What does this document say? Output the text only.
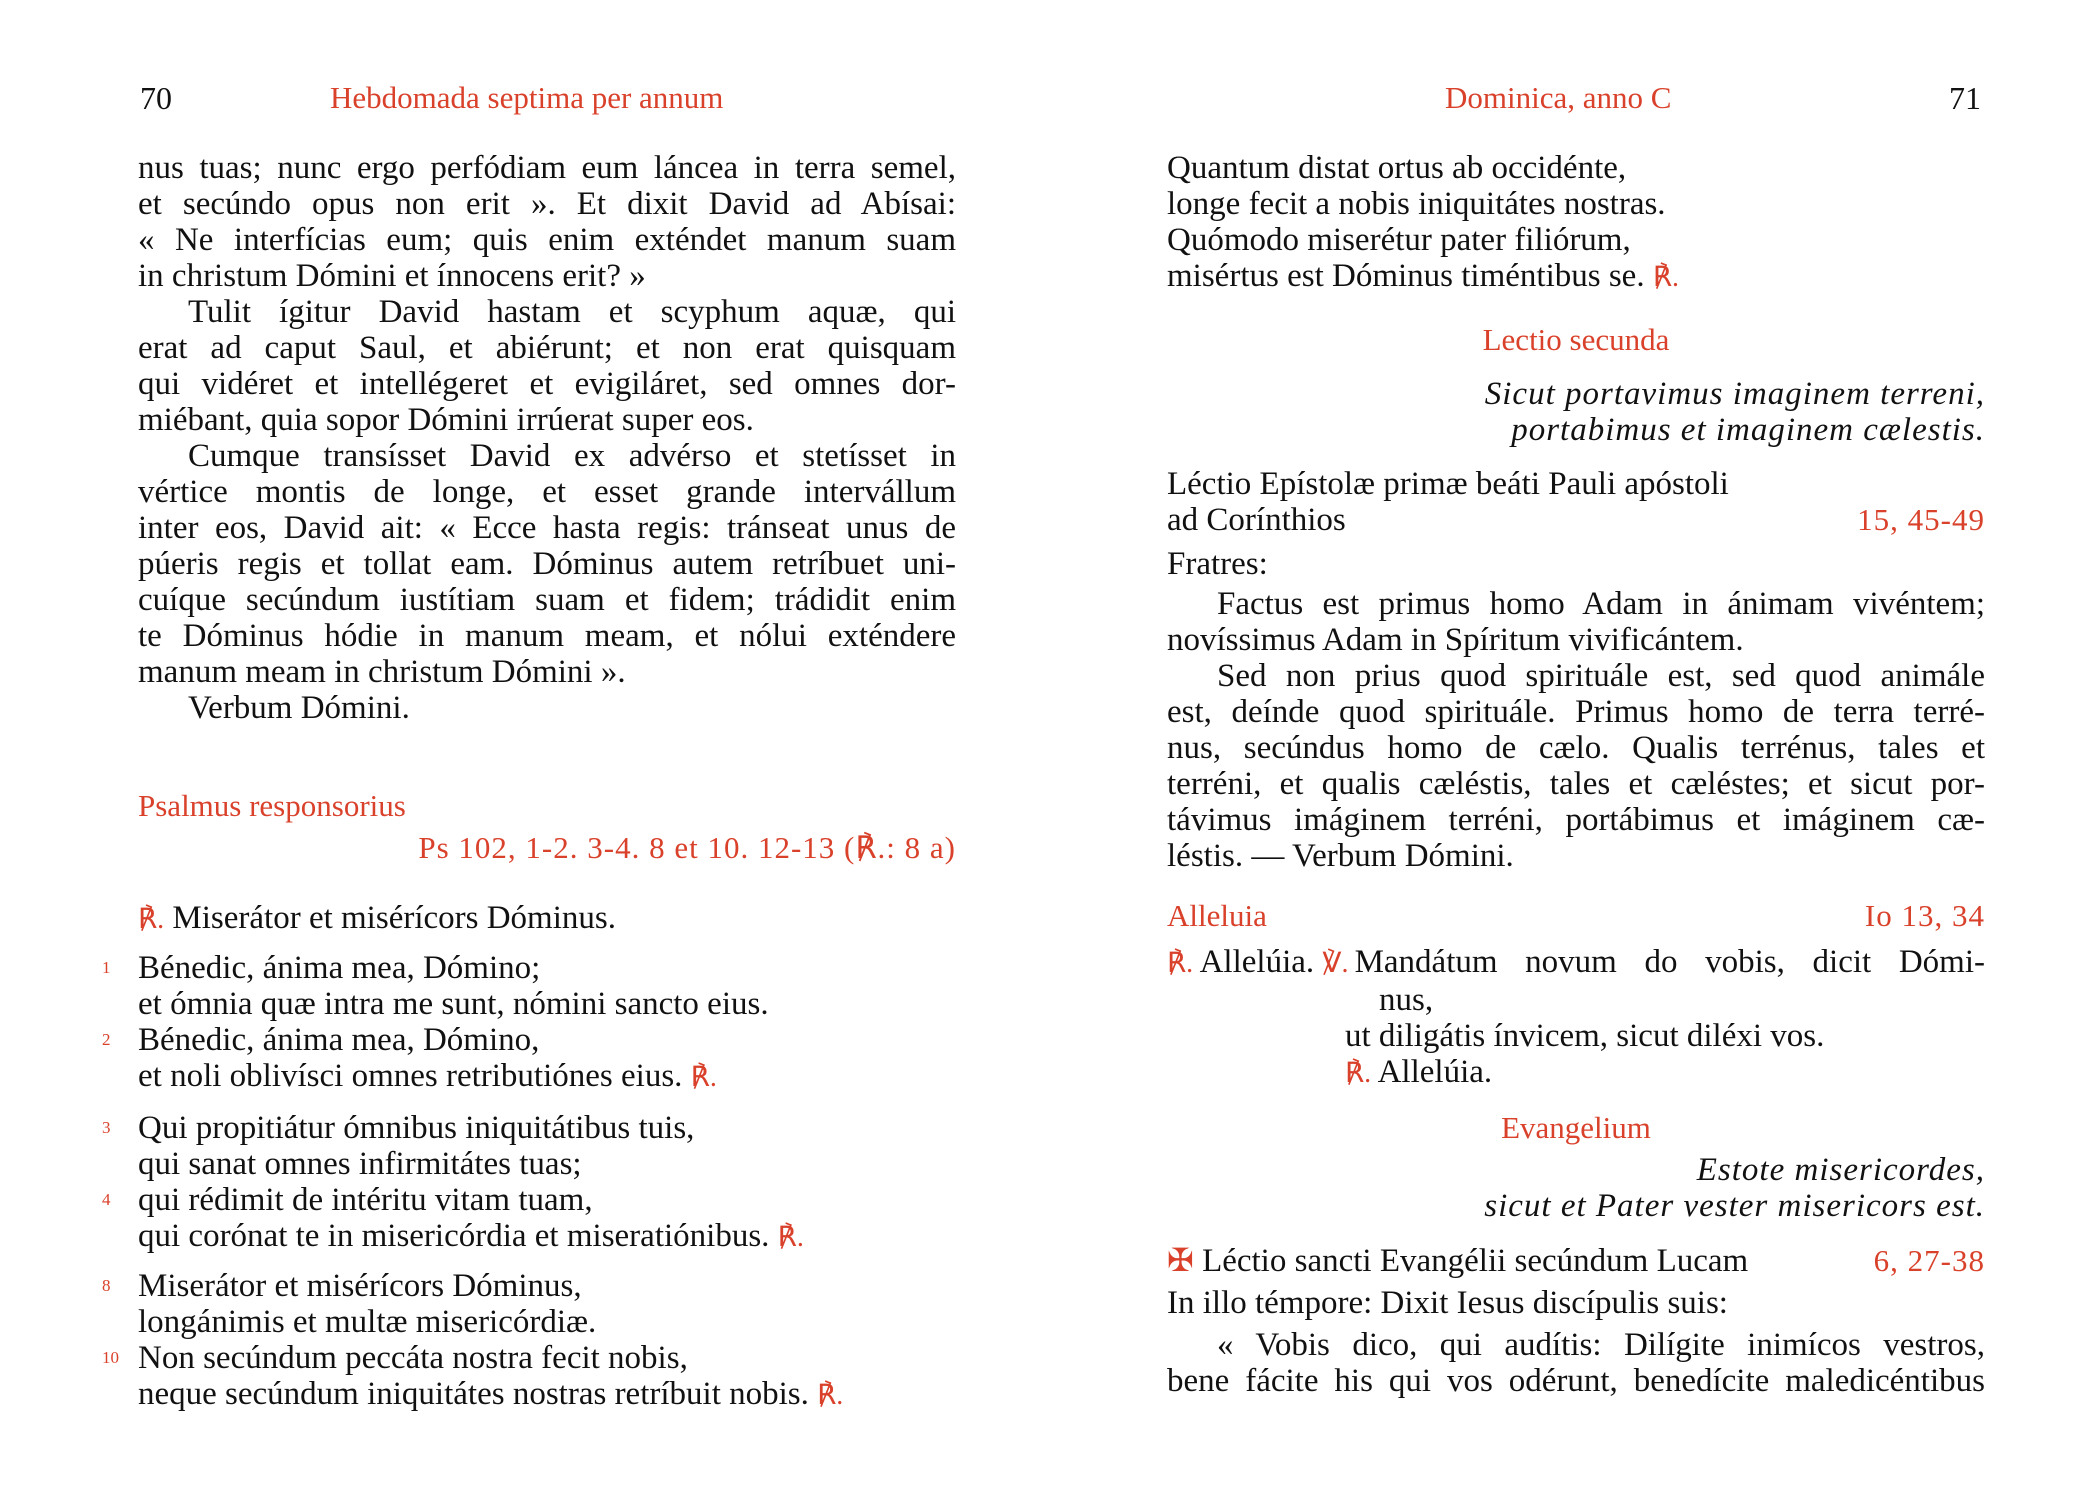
70	Hebdomada septima per annum

nus tuas; nunc ergo perfódiam eum láncea in terra semel,

et secúndo opus non erit ». Et dixit David ad Abísai:

« Ne interfícias eum; quis enim exténdet manum suam

in christum Dómini et ínnocens erit? »

Tulit ígitur David hastam et scyphum aquæ, qui

erat ad caput Saul, et abiérunt; et non erat quisquam

qui vidéret et intellégeret et evigiláret, sed omnes dor-

miébant, quia sopor Dómini irrúerat super eos.

Cumque transísset David ex advérso et stetísset in

vértice montis de longe, et esset grande intervállum

inter eos, David ait: « Ecce hasta regis: tránseat unus de

púeris regis et tollat eam. Dóminus autem retríbuet uni-

cuíque secúndum iustítiam suam et fidem; trádidit enim

te Dóminus hódie in manum meam, et nólui exténdere

manum meam in christum Dómini ».

Verbum Dómini.

Psalmus responsorius
Ps 102, 1-2. 3-4. 8 et 10. 12-13 (℟.: 8 a)
℟. Miserátor et misérícors Dóminus.
1 Bénedic, ánima mea, Dómino;
et ómnia quæ intra me sunt, nómini sancto eius.
2 Bénedic, ánima mea, Dómino,
et noli oblivísci omnes retributiónes eius. ℟.
3 Qui propitiátur ómnibus iniquitátibus tuis,
qui sanat omnes infirmitátes tuas;
4 qui rédimit de intéritu vitam tuam,
qui corónat te in misericórdia et miseratiónibus. ℟.
8 Miserátor et misérícors Dóminus,
longánimis et multæ misericórdiæ.
10 Non secúndum peccáta nostra fecit nobis,
neque secúndum iniquitátes nostras retríbuit nobis. ℟.
Dominica, anno C	71

Quantum distat ortus ab occidénte,

longe fecit a nobis iniquitátes nostras.

Quómodo miserétur pater filiórum,

misértus est Dóminus timéntibus se. ℟.

Lectio secunda

Sicut portavimus imaginem terreni,

portabimus et imaginem cælestis.

Léctio Epístolæ primæ beáti Pauli apóstoli

ad Corínthios	15, 45-49

Fratres:

Factus est primus homo Adam in ánimam vivéntem;

novíssimus Adam in Spíritum vivificántem.

Sed non prius quod spirituále est, sed quod animále

est, deínde quod spirituále. Primus homo de terra terré-

nus, secúndus homo de cælo. Qualis terrénus, tales et

terréni, et qualis cæléstis, tales et cæléstes; et sicut por-

távimus imáginem terréni, portábimus et imáginem cæ-

léstis. — Verbum Dómini.

Alleluia	Io 13, 34
℟. Allelúia. ℣. Mandátum novum do vobis, dicit Dómi-

nus,

ut diligátis ínvicem, sicut diléxi vos.

℟. Allelúia.

Evangelium

Estote misericordes,

sicut et Pater vester misericors est.

✠ Léctio sancti Evangélii secúndum Lucam	6, 27-38

In illo témpore: Dixit Iesus discípulis suis:

« Vobis dico, qui audítis: Dilígite inimícos vestros,

bene fácite his qui vos odérunt, benedícite maledicéntibus
